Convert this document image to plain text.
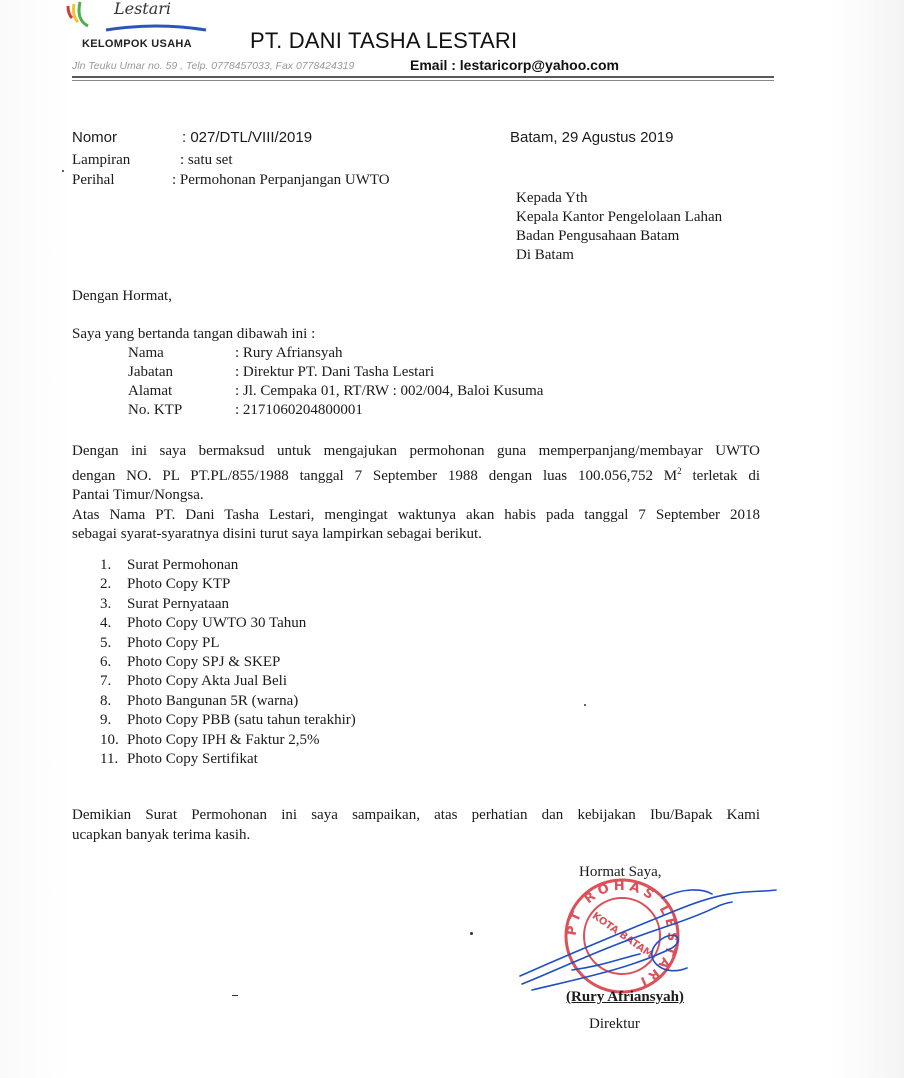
Lestari
KELOMPOK USAHA	PT. DANI TASHA LESTARI
Jln Teuku Umar no. 59 , Telp. 0778457033, Fax 0778424319	Email : lestaricorp@yahoo.com
Nomor	: 027/DTL/VIII/2019	Batam, 29 Agustus 2019
Lampiran	: satu set
Perihal	: Permohonan Perpanjangan UWTO
Kepada Yth
Kepala Kantor Pengelolaan Lahan
Badan Pengusahaan Batam
Di Batam
Dengan Hormat,
Saya yang bertanda tangan dibawah ini :
Nama	: Rury Afriansyah
Jabatan	: Direktur PT. Dani Tasha Lestari
Alamat	: Jl. Cempaka 01, RT/RW : 002/004, Baloi Kusuma
No. KTP	: 2171060204800001
Dengan ini saya bermaksud untuk mengajukan permohonan guna memperpanjang/membayar UWTO
dengan NO. PL PT.PL/855/1988 tanggal 7 September 1988 dengan luas 100.056,752 $M^2$ terletak di
Pantai Timur/Nongsa.
Atas Nama PT. Dani Tasha Lestari, mengingat waktunya akan habis pada tanggal 7 September 2018
sebagai syarat-syaratnya disini turut saya lampirkan sebagai berikut.
1. Surat Permohonan
2. Photo Copy KTP
3. Surat Pernyataan
4. Photo Copy UWTO 30 Tahun
5. Photo Copy PL
6. Photo Copy SPJ & SKEP
7. Photo Copy Akta Jual Beli
8. Photo Bangunan 5R (warna)
9. Photo Copy PBB (satu tahun terakhir)
10. Photo Copy IPH & Faktur 2,5%
11. Photo Copy Sertifikat
Demikian Surat Permohonan ini saya sampaikan, atas perhatian dan kebijakan Ibu/Bapak Kami
ucapkan banyak terima kasih.
Hormat Saya,
PT ROHAS LESTARI
KOTA BATAM
(Rury Afriansyah)
Direktur
